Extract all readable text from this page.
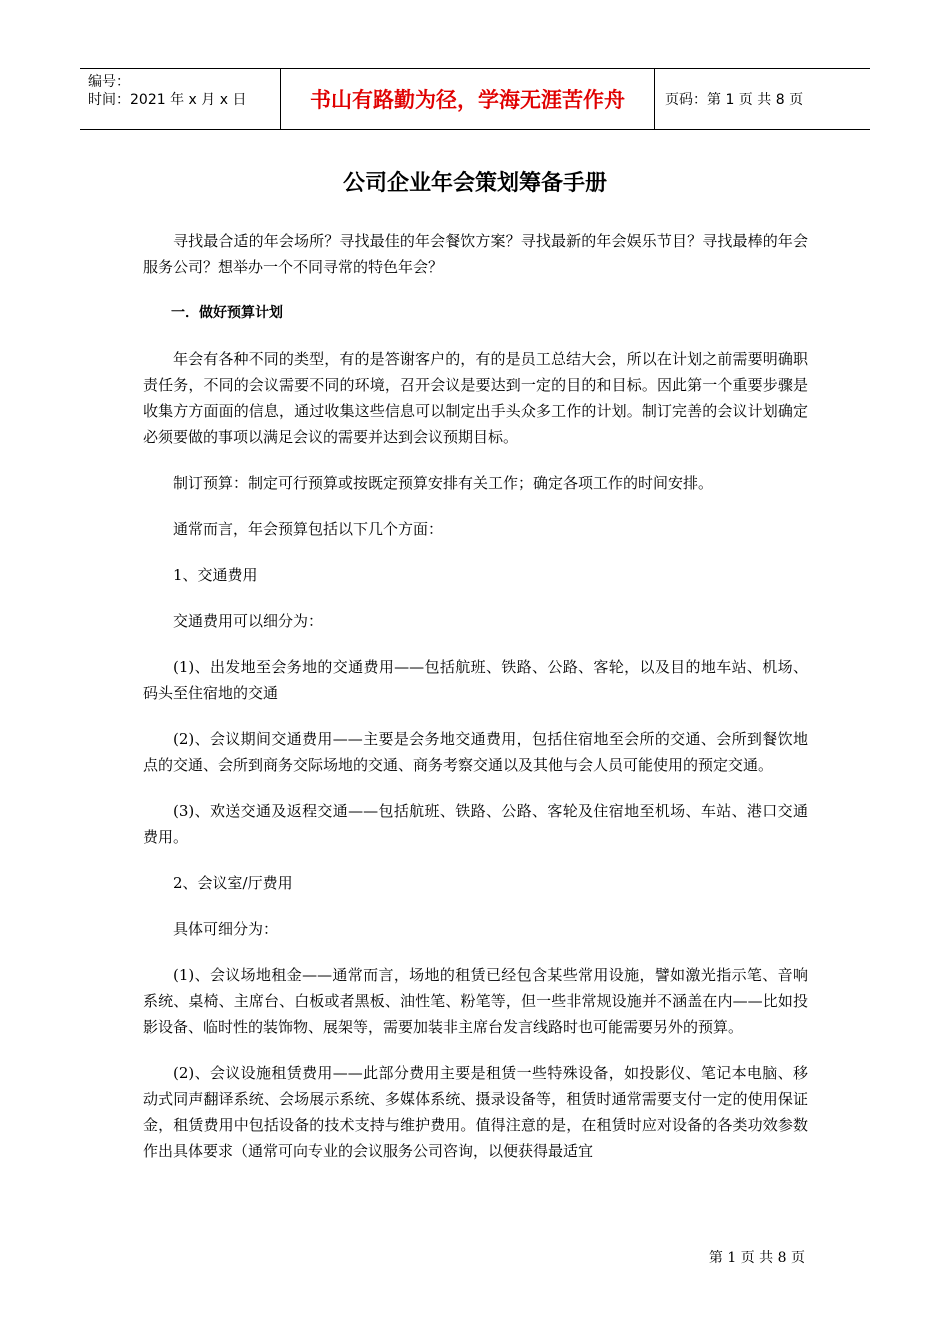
编号：
时间：2021 年 x 月 x 日	书山有路勤为径，学海无涯苦作舟	页码：第 1 页 共 8 页
公司企业年会策划筹备手册

寻找最合适的年会场所？寻找最佳的年会餐饮方案？寻找最新的年会娱乐节目？寻找最棒的年会服务公司？想举办一个不同寻常的特色年会？

一．做好预算计划

年会有各种不同的类型，有的是答谢客户的，有的是员工总结大会，所以在计划之前需要明确职责任务，不同的会议需要不同的环境，召开会议是要达到一定的目的和目标。因此第一个重要步骤是收集方方面面的信息，通过收集这些信息可以制定出手头众多工作的计划。制订完善的会议计划确定必须要做的事项以满足会议的需要并达到会议预期目标。

制订预算：制定可行预算或按既定预算安排有关工作；确定各项工作的时间安排。

通常而言，年会预算包括以下几个方面：

1、交通费用

交通费用可以细分为：

(1)、出发地至会务地的交通费用——包括航班、铁路、公路、客轮，以及目的地车站、机场、码头至住宿地的交通

(2)、会议期间交通费用——主要是会务地交通费用，包括住宿地至会所的交通、会所到餐饮地点的交通、会所到商务交际场地的交通、商务考察交通以及其他与会人员可能使用的预定交通。

(3)、欢送交通及返程交通——包括航班、铁路、公路、客轮及住宿地至机场、车站、港口交通费用。

2、会议室/厅费用

具体可细分为：

(1)、会议场地租金——通常而言，场地的租赁已经包含某些常用设施，譬如激光指示笔、音响系统、桌椅、主席台、白板或者黑板、油性笔、粉笔等，但一些非常规设施并不涵盖在内——比如投影设备、临时性的装饰物、展架等，需要加装非主席台发言线路时也可能需要另外的预算。

(2)、会议设施租赁费用——此部分费用主要是租赁一些特殊设备，如投影仪、笔记本电脑、移动式同声翻译系统、会场展示系统、多媒体系统、摄录设备等，租赁时通常需要支付一定的使用保证金，租赁费用中包括设备的技术支持与维护费用。值得注意的是，在租赁时应对设备的各类功效参数作出具体要求（通常可向专业的会议服务公司咨询，以便获得最适宜

第 1 页 共 8 页
